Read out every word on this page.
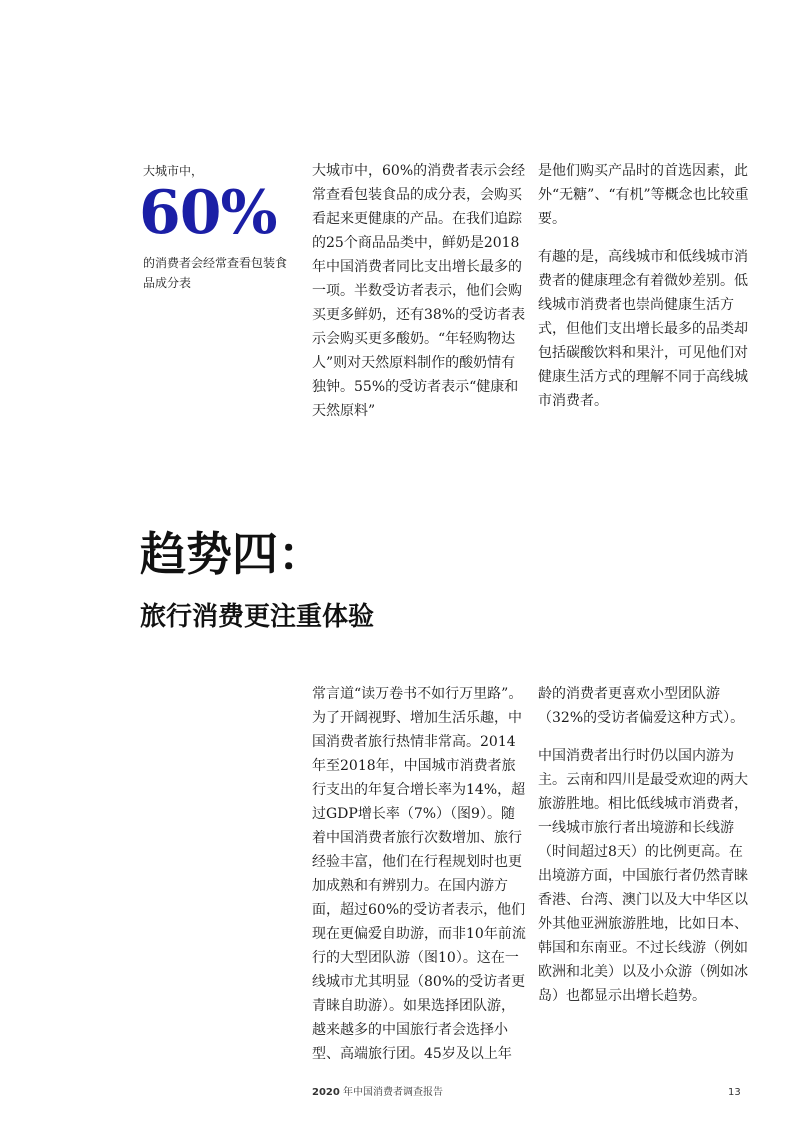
大城市中，
60%
的消费者会经常查看包装食品成分表

大城市中，60%的消费者表示会经常查看包装食品的成分表，会购买看起来更健康的产品。在我们追踪的25个商品品类中，鲜奶是2018年中国消费者同比支出增长最多的一项。半数受访者表示，他们会购买更多鲜奶，还有38%的受访者表示会购买更多酸奶。“年轻购物达人”则对天然原料制作的酸奶情有独钟。55%的受访者表示“健康和天然原料”

是他们购买产品时的首选因素，此外“无糖”、“有机”等概念也比较重要。

有趣的是，高线城市和低线城市消费者的健康理念有着微妙差别。低线城市消费者也崇尚健康生活方式，但他们支出增长最多的品类却包括碳酸饮料和果汁，可见他们对健康生活方式的理解不同于高线城市消费者。

趋势四：
旅行消费更注重体验

常言道“读万卷书不如行万里路”。为了开阔视野、增加生活乐趣，中国消费者旅行热情非常高。2014年至2018年，中国城市消费者旅行支出的年复合增长率为14%，超过GDP增长率（7%）（图9）。随着中国消费者旅行次数增加、旅行经验丰富，他们在行程规划时也更加成熟和有辨别力。在国内游方面，超过60%的受访者表示，他们现在更偏爱自助游，而非10年前流行的大型团队游（图10）。这在一线城市尤其明显（80%的受访者更青睐自助游）。如果选择团队游，越来越多的中国旅行者会选择小型、高端旅行团。45岁及以上年

龄的消费者更喜欢小型团队游（32%的受访者偏爱这种方式）。

中国消费者出行时仍以国内游为主。云南和四川是最受欢迎的两大旅游胜地。相比低线城市消费者，一线城市旅行者出境游和长线游（时间超过8天）的比例更高。在出境游方面，中国旅行者仍然青睐香港、台湾、澳门以及大中华区以外其他亚洲旅游胜地，比如日本、韩国和东南亚。不过长线游（例如欧洲和北美）以及小众游（例如冰岛）也都显示出增长趋势。

2020 年中国消费者调查报告	13
